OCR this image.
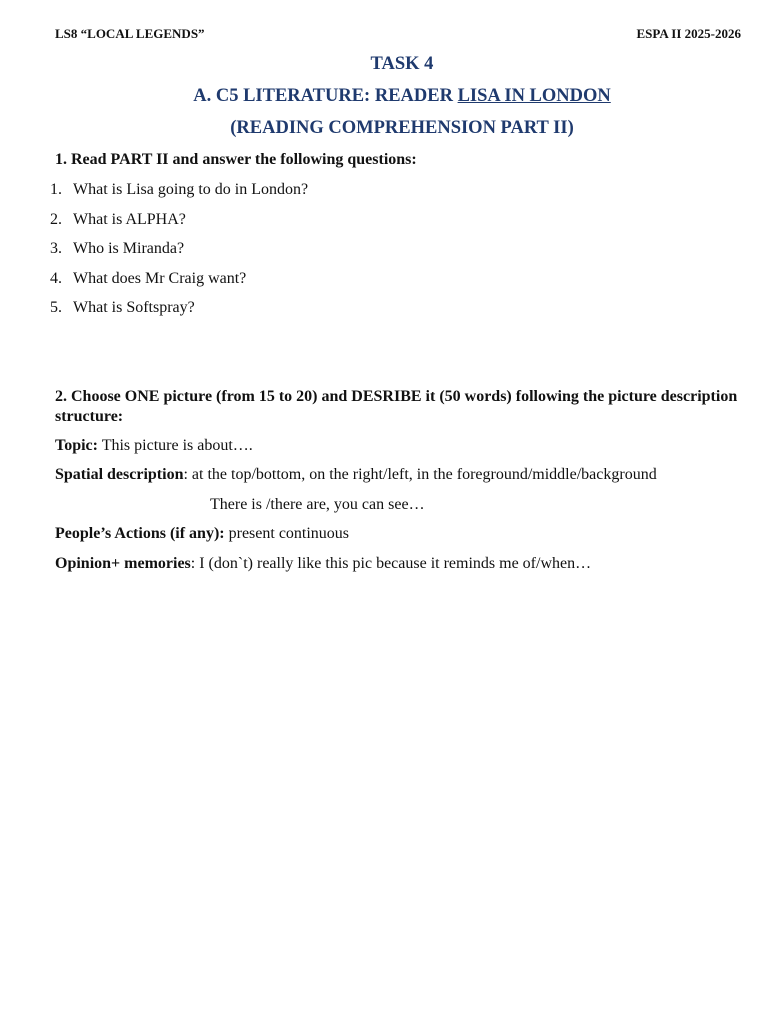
LS8 “LOCAL LEGENDS”	ESPA II 2025-2026
TASK 4
A. C5 LITERATURE: READER LISA IN LONDON
(READING COMPREHENSION PART II)
1. Read PART II and answer the following questions:
1. What is Lisa going to do in London?
2. What is ALPHA?
3. Who is Miranda?
4. What does Mr Craig want?
5. What is Softspray?
2. Choose ONE picture (from 15 to 20) and DESRIBE it (50 words) following the picture description structure:
Topic: This picture is about….
Spatial description: at the top/bottom, on the right/left, in the foreground/middle/background
There is /there are, you can see…
People’s Actions (if any): present continuous
Opinion+ memories: I (don`t) really like this pic because it reminds me of/when…
